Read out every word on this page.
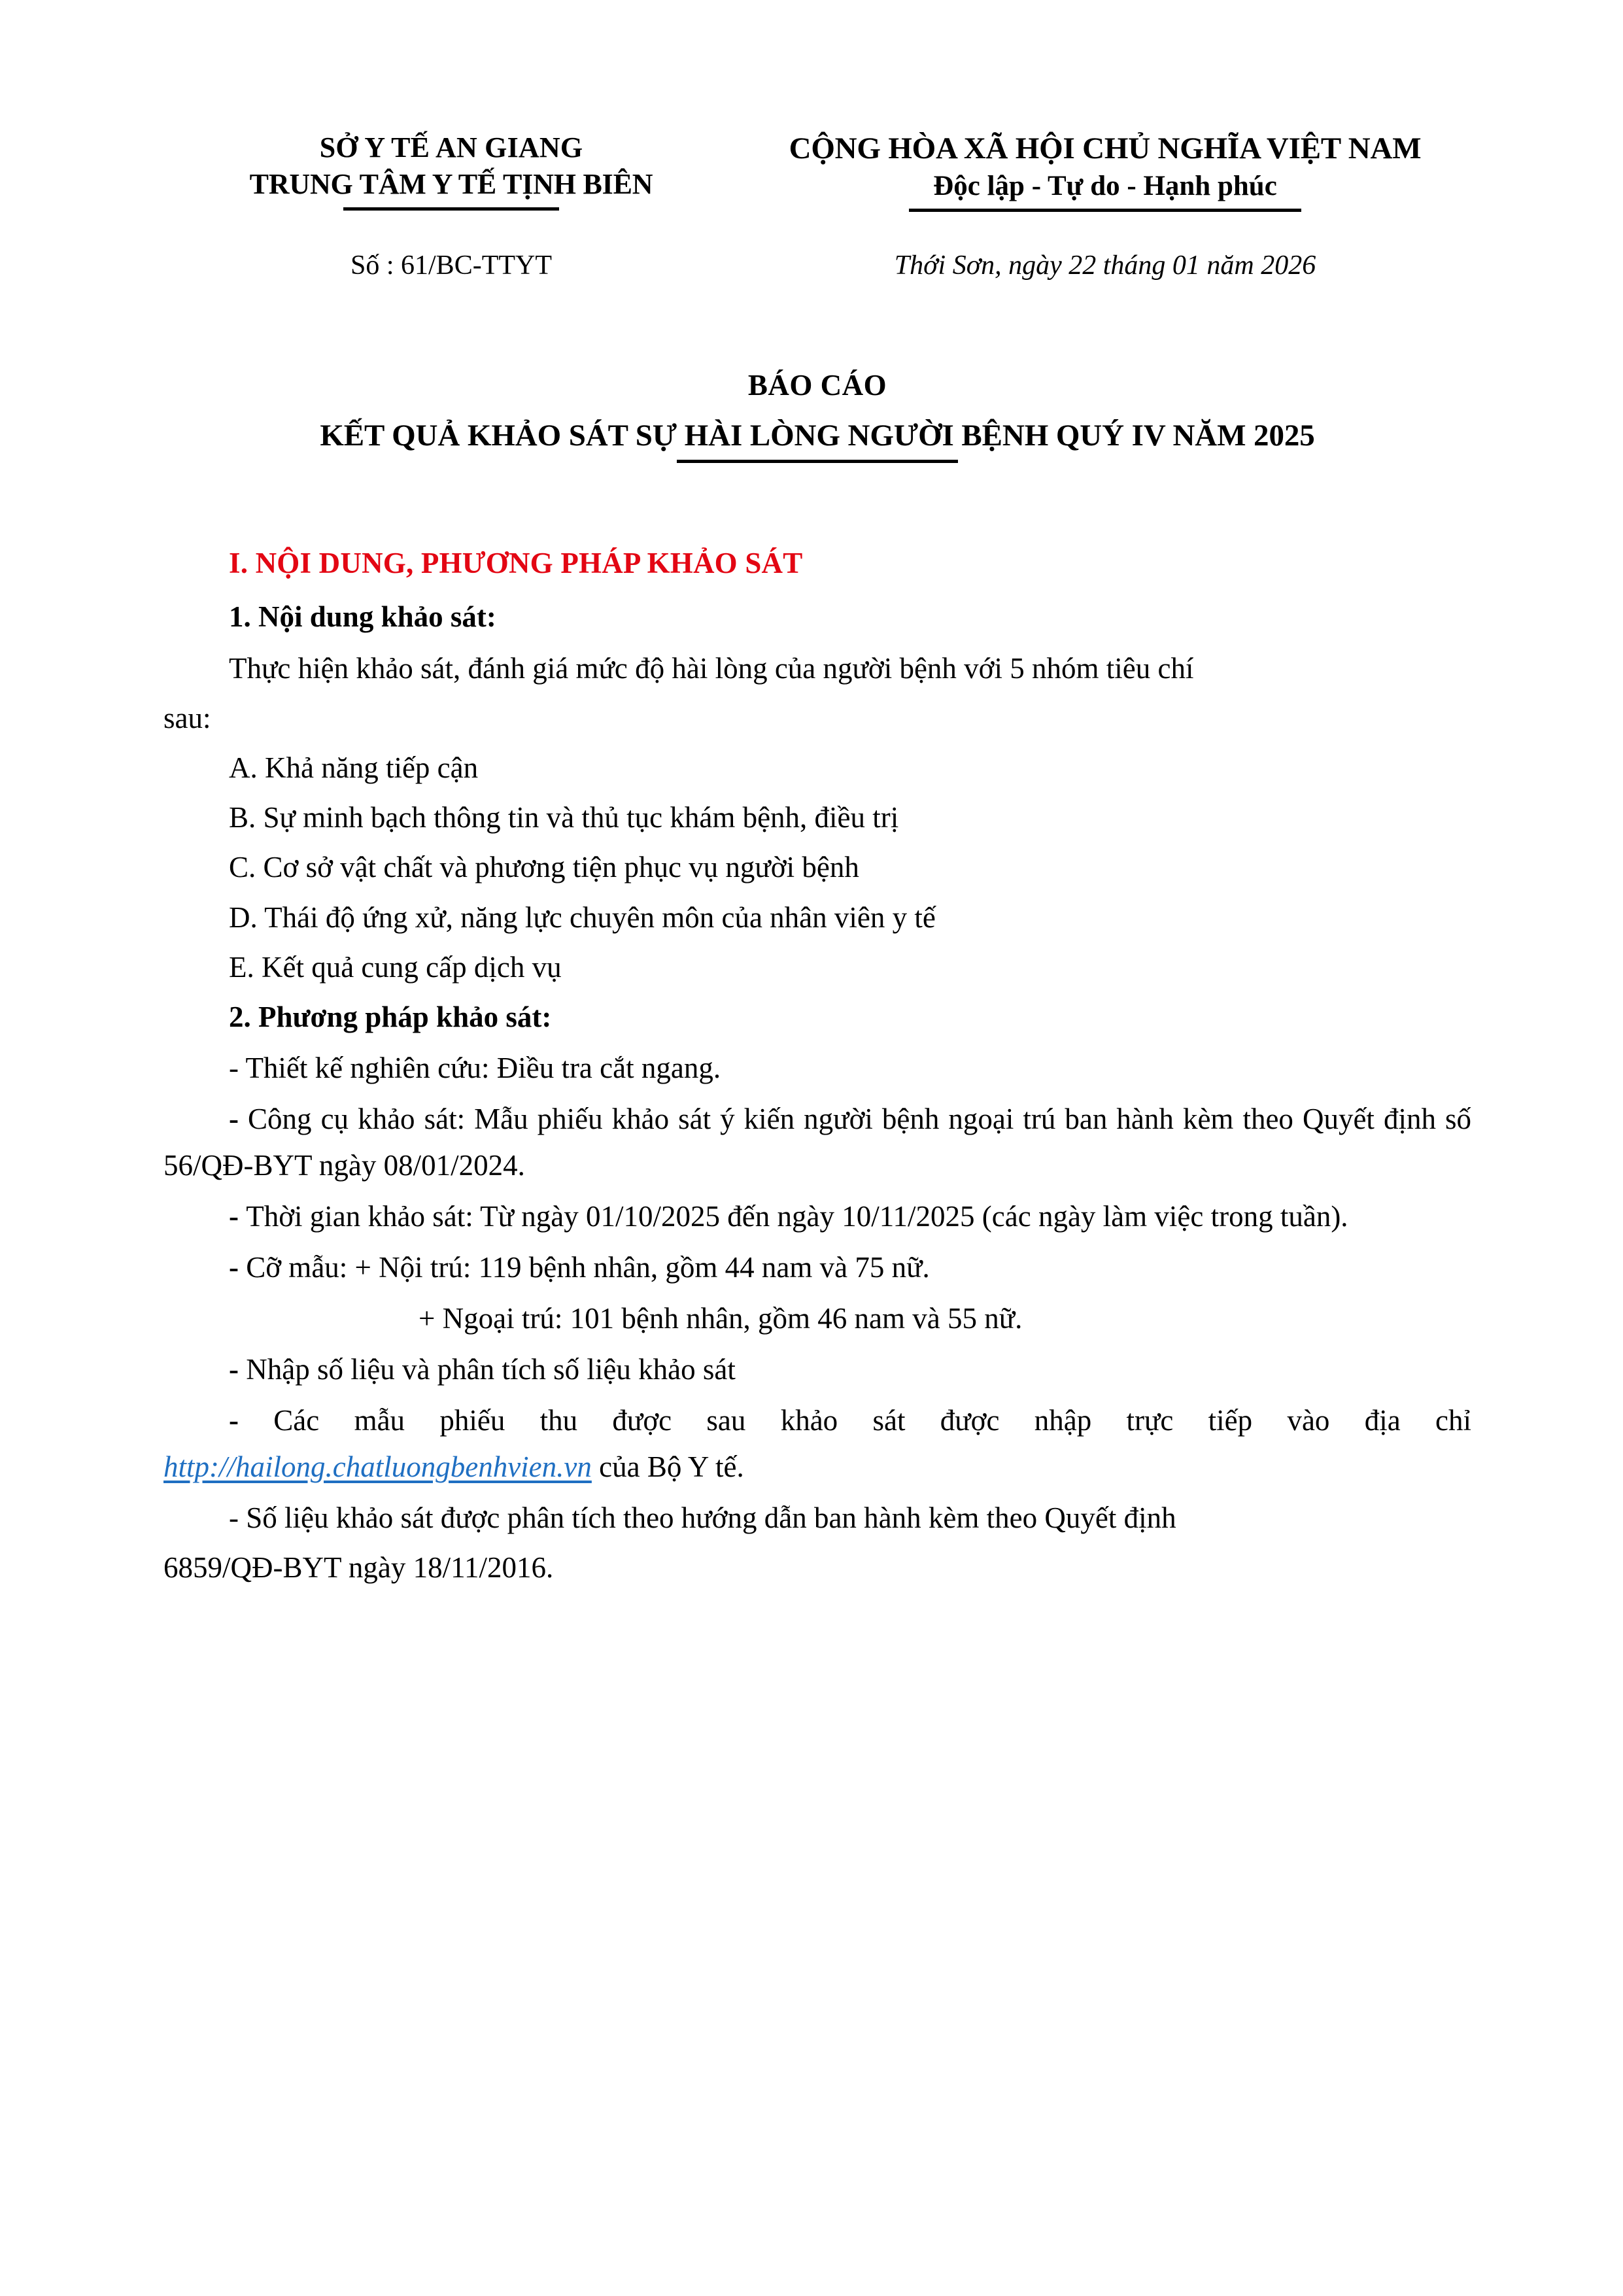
SỞ Y TẾ AN GIANG
TRUNG TÂM Y TẾ TỊNH BIÊN
CỘNG HÒA XÃ HỘI CHỦ NGHĨA VIỆT NAM
Độc lập - Tự do - Hạnh phúc
Số : 61/BC-TTYT	Thới Sơn, ngày 22 tháng 01 năm 2026
BÁO CÁO
KẾT QUẢ KHẢO SÁT SỰ HÀI LÒNG NGƯỜI BỆNH QUÝ IV NĂM 2025
I. NỘI DUNG, PHƯƠNG PHÁP KHẢO SÁT
1. Nội dung khảo sát:

Thực hiện khảo sát, đánh giá mức độ hài lòng của người bệnh với 5 nhóm tiêu chí

sau:

A. Khả năng tiếp cận

B. Sự minh bạch thông tin và thủ tục khám bệnh, điều trị

C. Cơ sở vật chất và phương tiện phục vụ người bệnh

D. Thái độ ứng xử, năng lực chuyên môn của nhân viên y tế

E. Kết quả cung cấp dịch vụ

2. Phương pháp khảo sát:

- Thiết kế nghiên cứu: Điều tra cắt ngang.

- Công cụ khảo sát: Mẫu phiếu khảo sát ý kiến người bệnh ngoại trú ban hành kèm theo Quyết định số 56/QĐ-BYT ngày 08/01/2024.

- Thời gian khảo sát: Từ ngày 01/10/2025 đến ngày 10/11/2025 (các ngày làm việc trong tuần).

- Cỡ mẫu: + Nội trú: 119 bệnh nhân, gồm 44 nam và 75 nữ.

+ Ngoại trú: 101 bệnh nhân, gồm 46 nam và 55 nữ.

- Nhập số liệu và phân tích số liệu khảo sát

- Các mẫu phiếu thu được sau khảo sát được nhập trực tiếp vào địa chỉ http://hailong.chatluongbenhvien.vn của Bộ Y tế.

- Số liệu khảo sát được phân tích theo hướng dẫn ban hành kèm theo Quyết định

6859/QĐ-BYT ngày 18/11/2016.
